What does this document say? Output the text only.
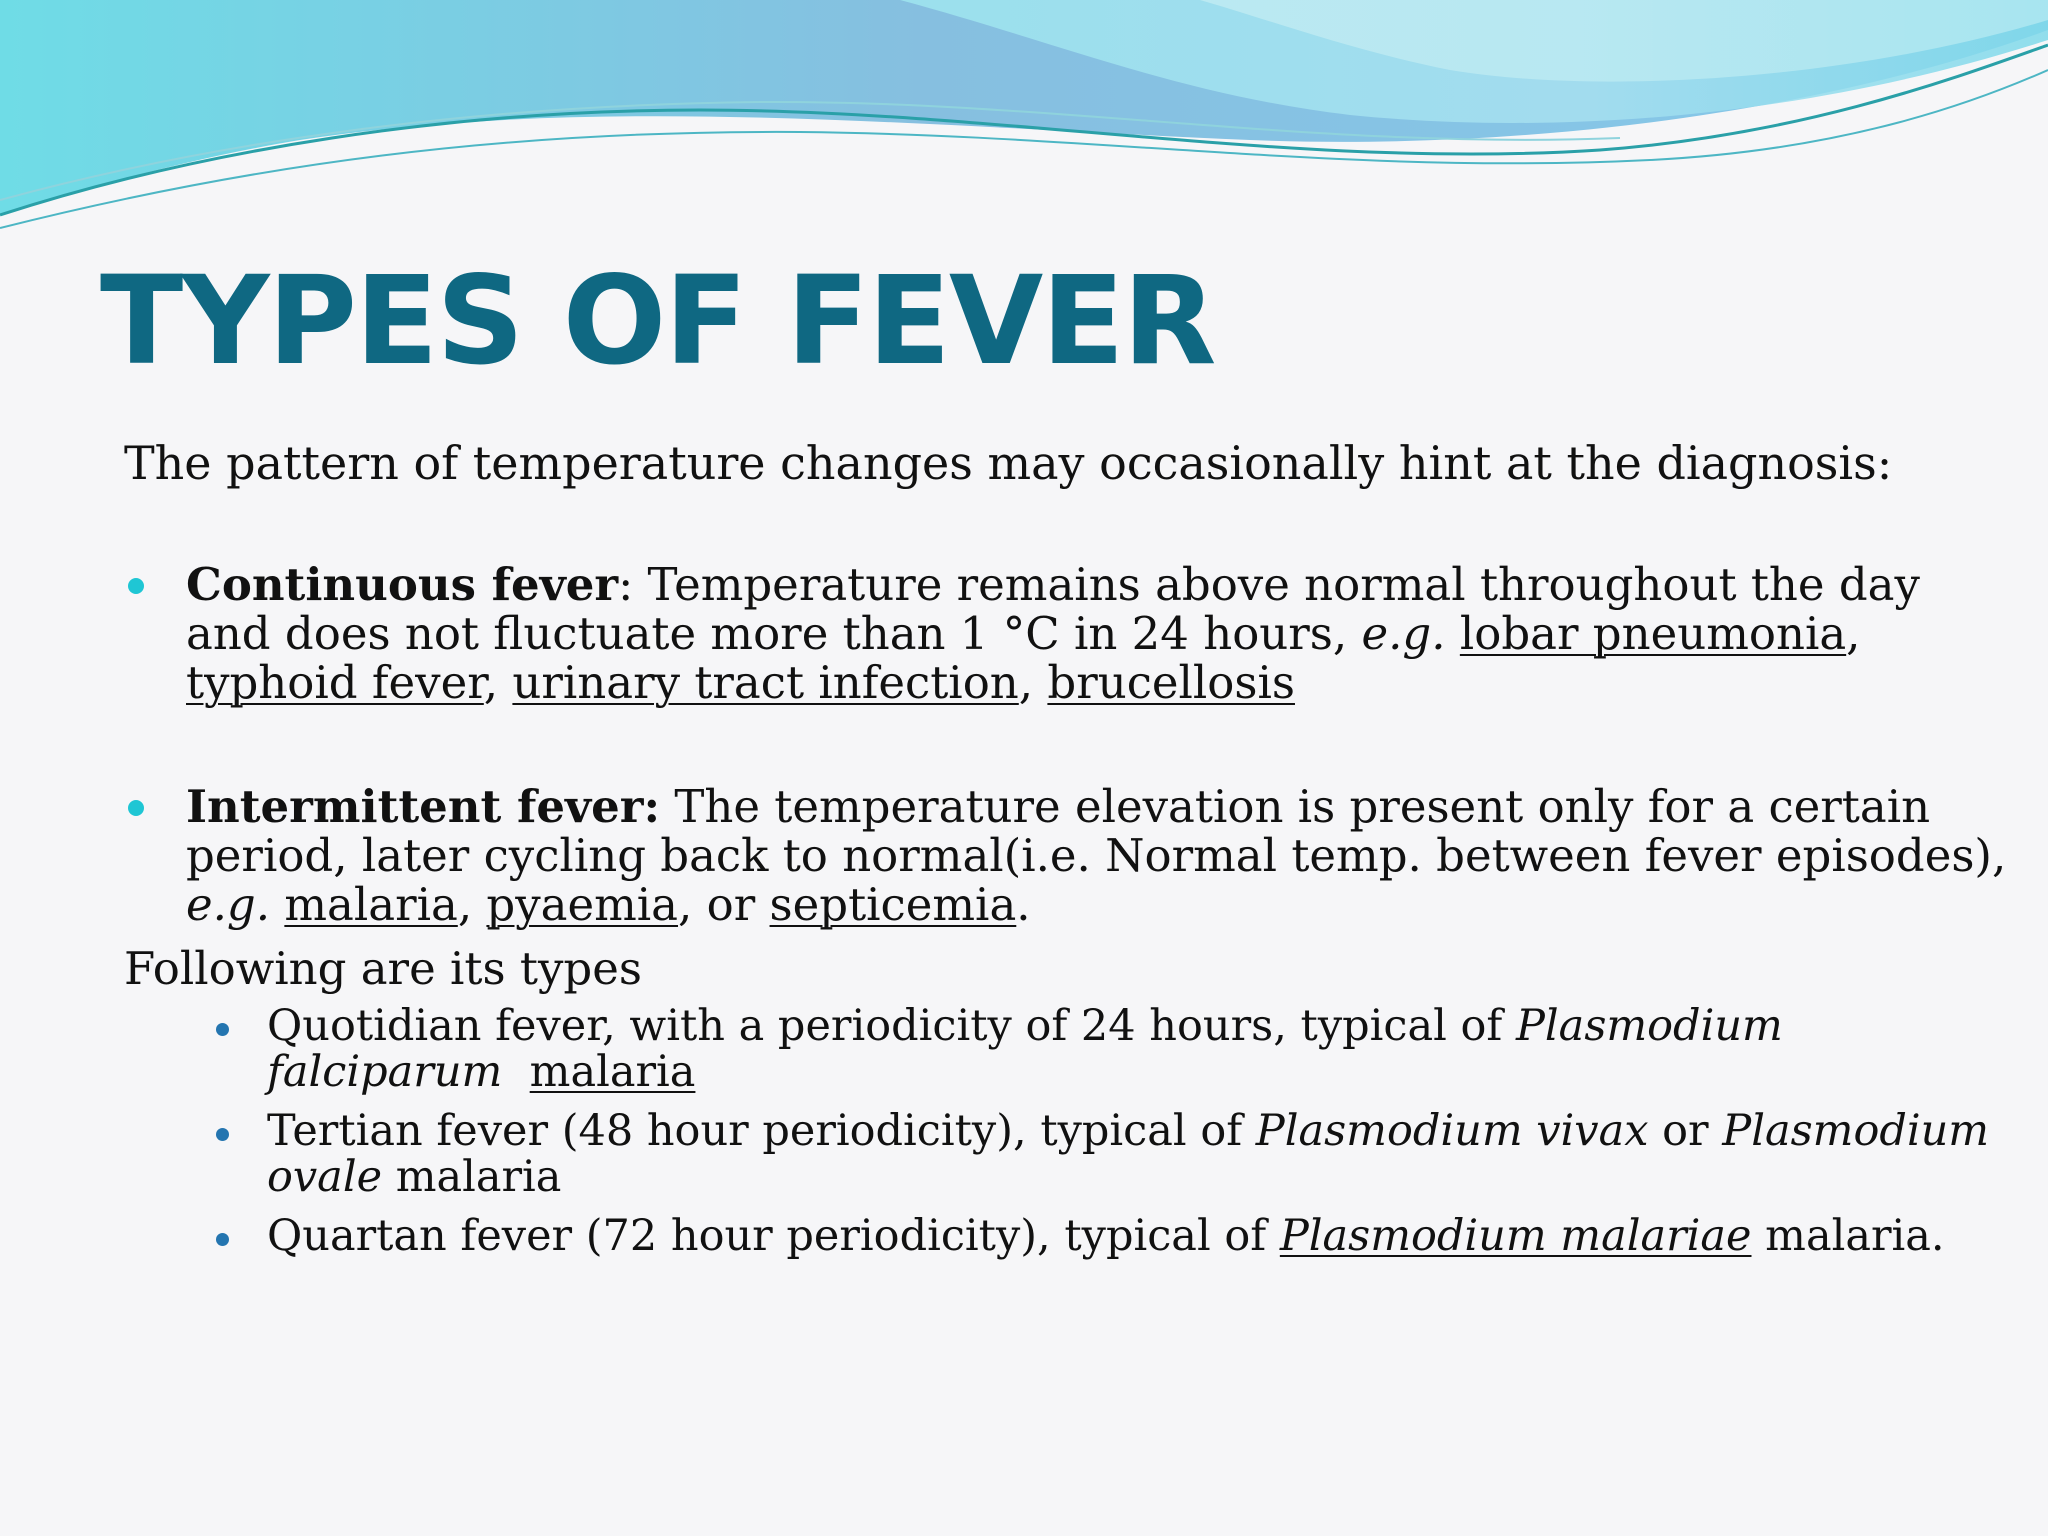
TYPES OF FEVER
The pattern of temperature changes may occasionally hint at the diagnosis:
Continuous fever: Temperature remains above normal throughout the day
and does not fluctuate more than 1 °C in 24 hours, e.g. lobar pneumonia,
typhoid fever, urinary tract infection, brucellosis
Intermittent fever: The temperature elevation is present only for a certain
period, later cycling back to normal(i.e. Normal temp. between fever episodes),
e.g. malaria, pyaemia, or septicemia.
Following are its types
Quotidian fever, with a periodicity of 24 hours, typical of Plasmodium
falciparum malaria
Tertian fever (48 hour periodicity), typical of Plasmodium vivax or Plasmodium
ovale malaria
Quartan fever (72 hour periodicity), typical of Plasmodium malariae malaria.
